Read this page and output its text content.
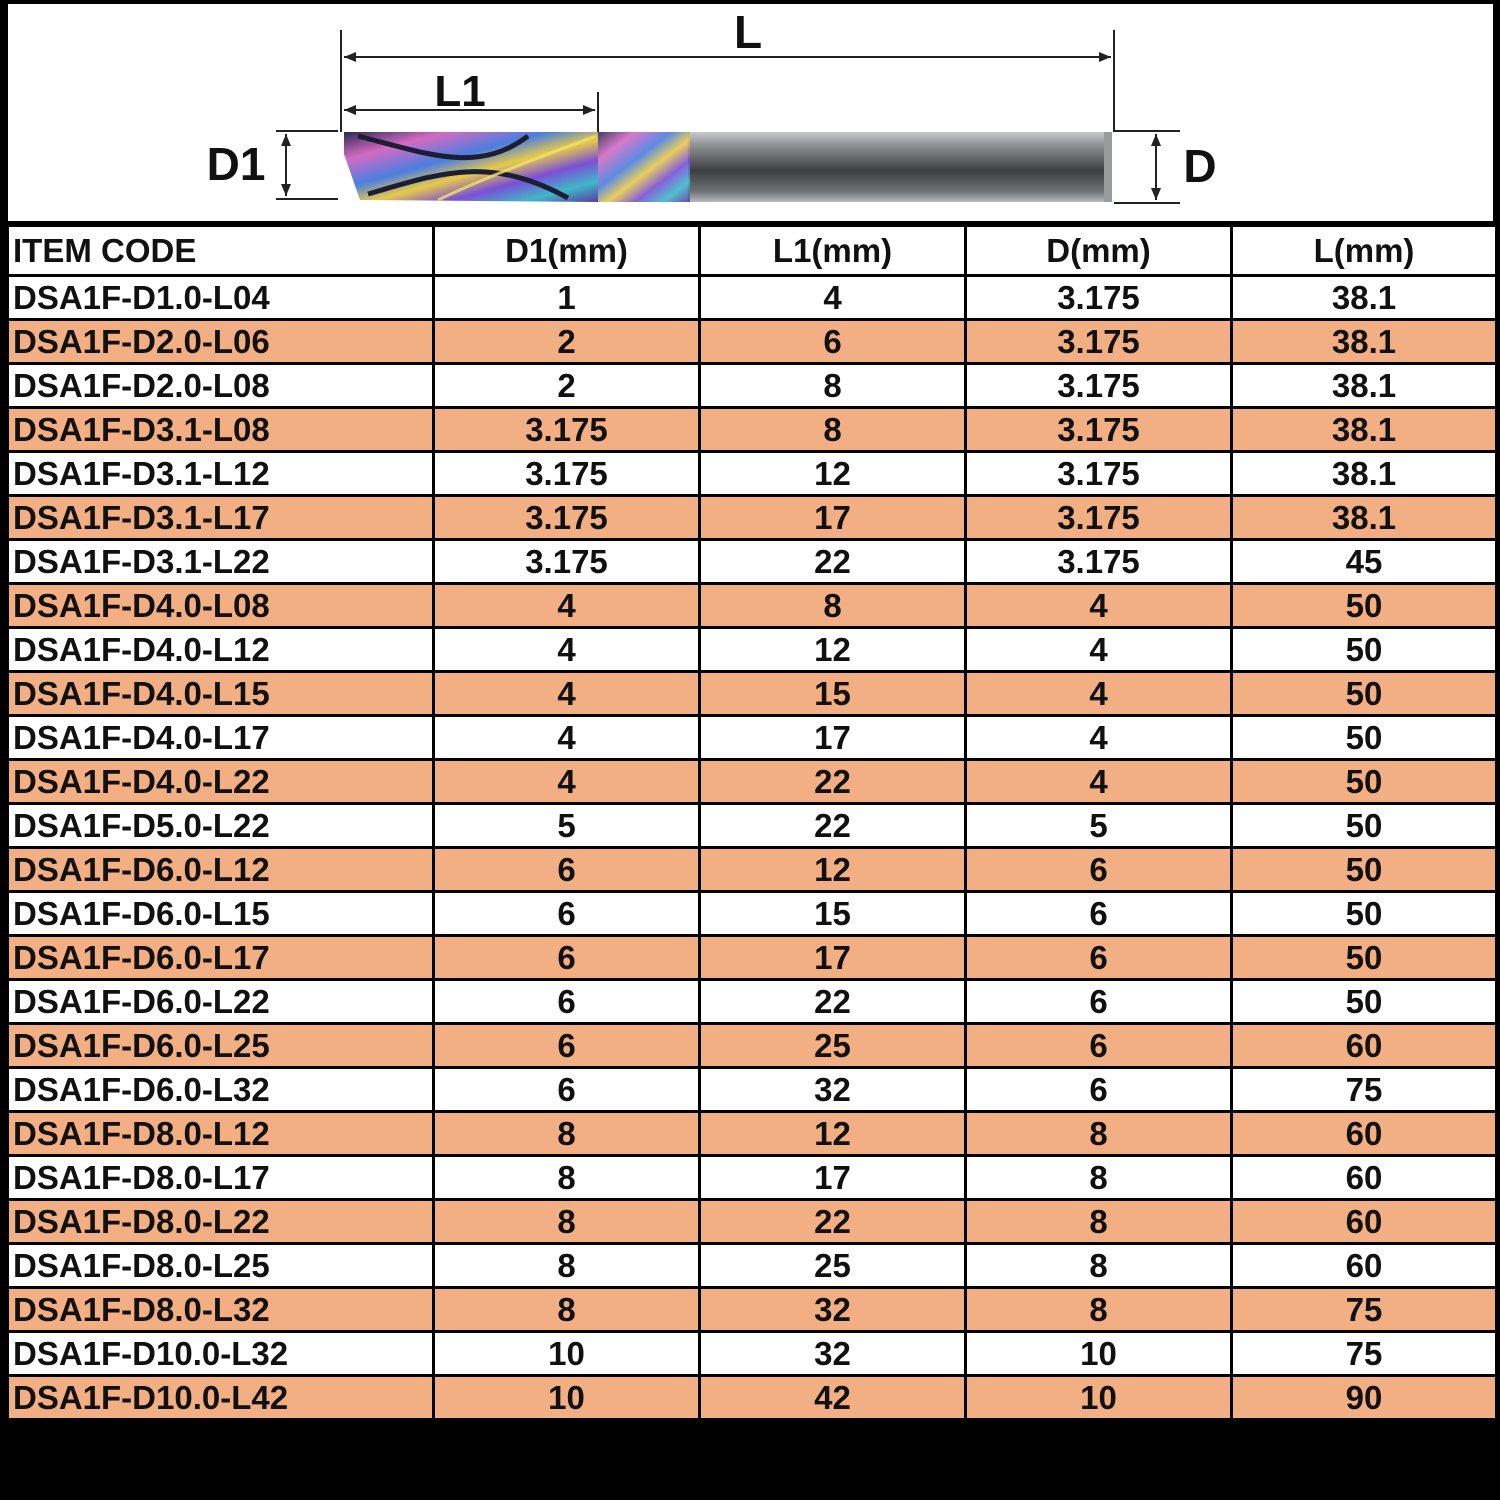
L
L1
D1	D
ITEM CODE	D1(mm)	L1(mm)	D(mm)	L(mm)
DSA1F-D1.0-L04	1	4	3.175	38.1
DSA1F-D2.0-L06	2	6	3.175	38.1
DSA1F-D2.0-L08	2	8	3.175	38.1
DSA1F-D3.1-L08	3.175	8	3.175	38.1
DSA1F-D3.1-L12	3.175	12	3.175	38.1
DSA1F-D3.1-L17	3.175	17	3.175	38.1
DSA1F-D3.1-L22	3.175	22	3.175	45
DSA1F-D4.0-L08	4	8	4	50
DSA1F-D4.0-L12	4	12	4	50
DSA1F-D4.0-L15	4	15	4	50
DSA1F-D4.0-L17	4	17	4	50
DSA1F-D4.0-L22	4	22	4	50
DSA1F-D5.0-L22	5	22	5	50
DSA1F-D6.0-L12	6	12	6	50
DSA1F-D6.0-L15	6	15	6	50
DSA1F-D6.0-L17	6	17	6	50
DSA1F-D6.0-L22	6	22	6	50
DSA1F-D6.0-L25	6	25	6	60
DSA1F-D6.0-L32	6	32	6	75
DSA1F-D8.0-L12	8	12	8	60
DSA1F-D8.0-L17	8	17	8	60
DSA1F-D8.0-L22	8	22	8	60
DSA1F-D8.0-L25	8	25	8	60
DSA1F-D8.0-L32	8	32	8	75
DSA1F-D10.0-L32	10	32	10	75
DSA1F-D10.0-L42	10	42	10	90
